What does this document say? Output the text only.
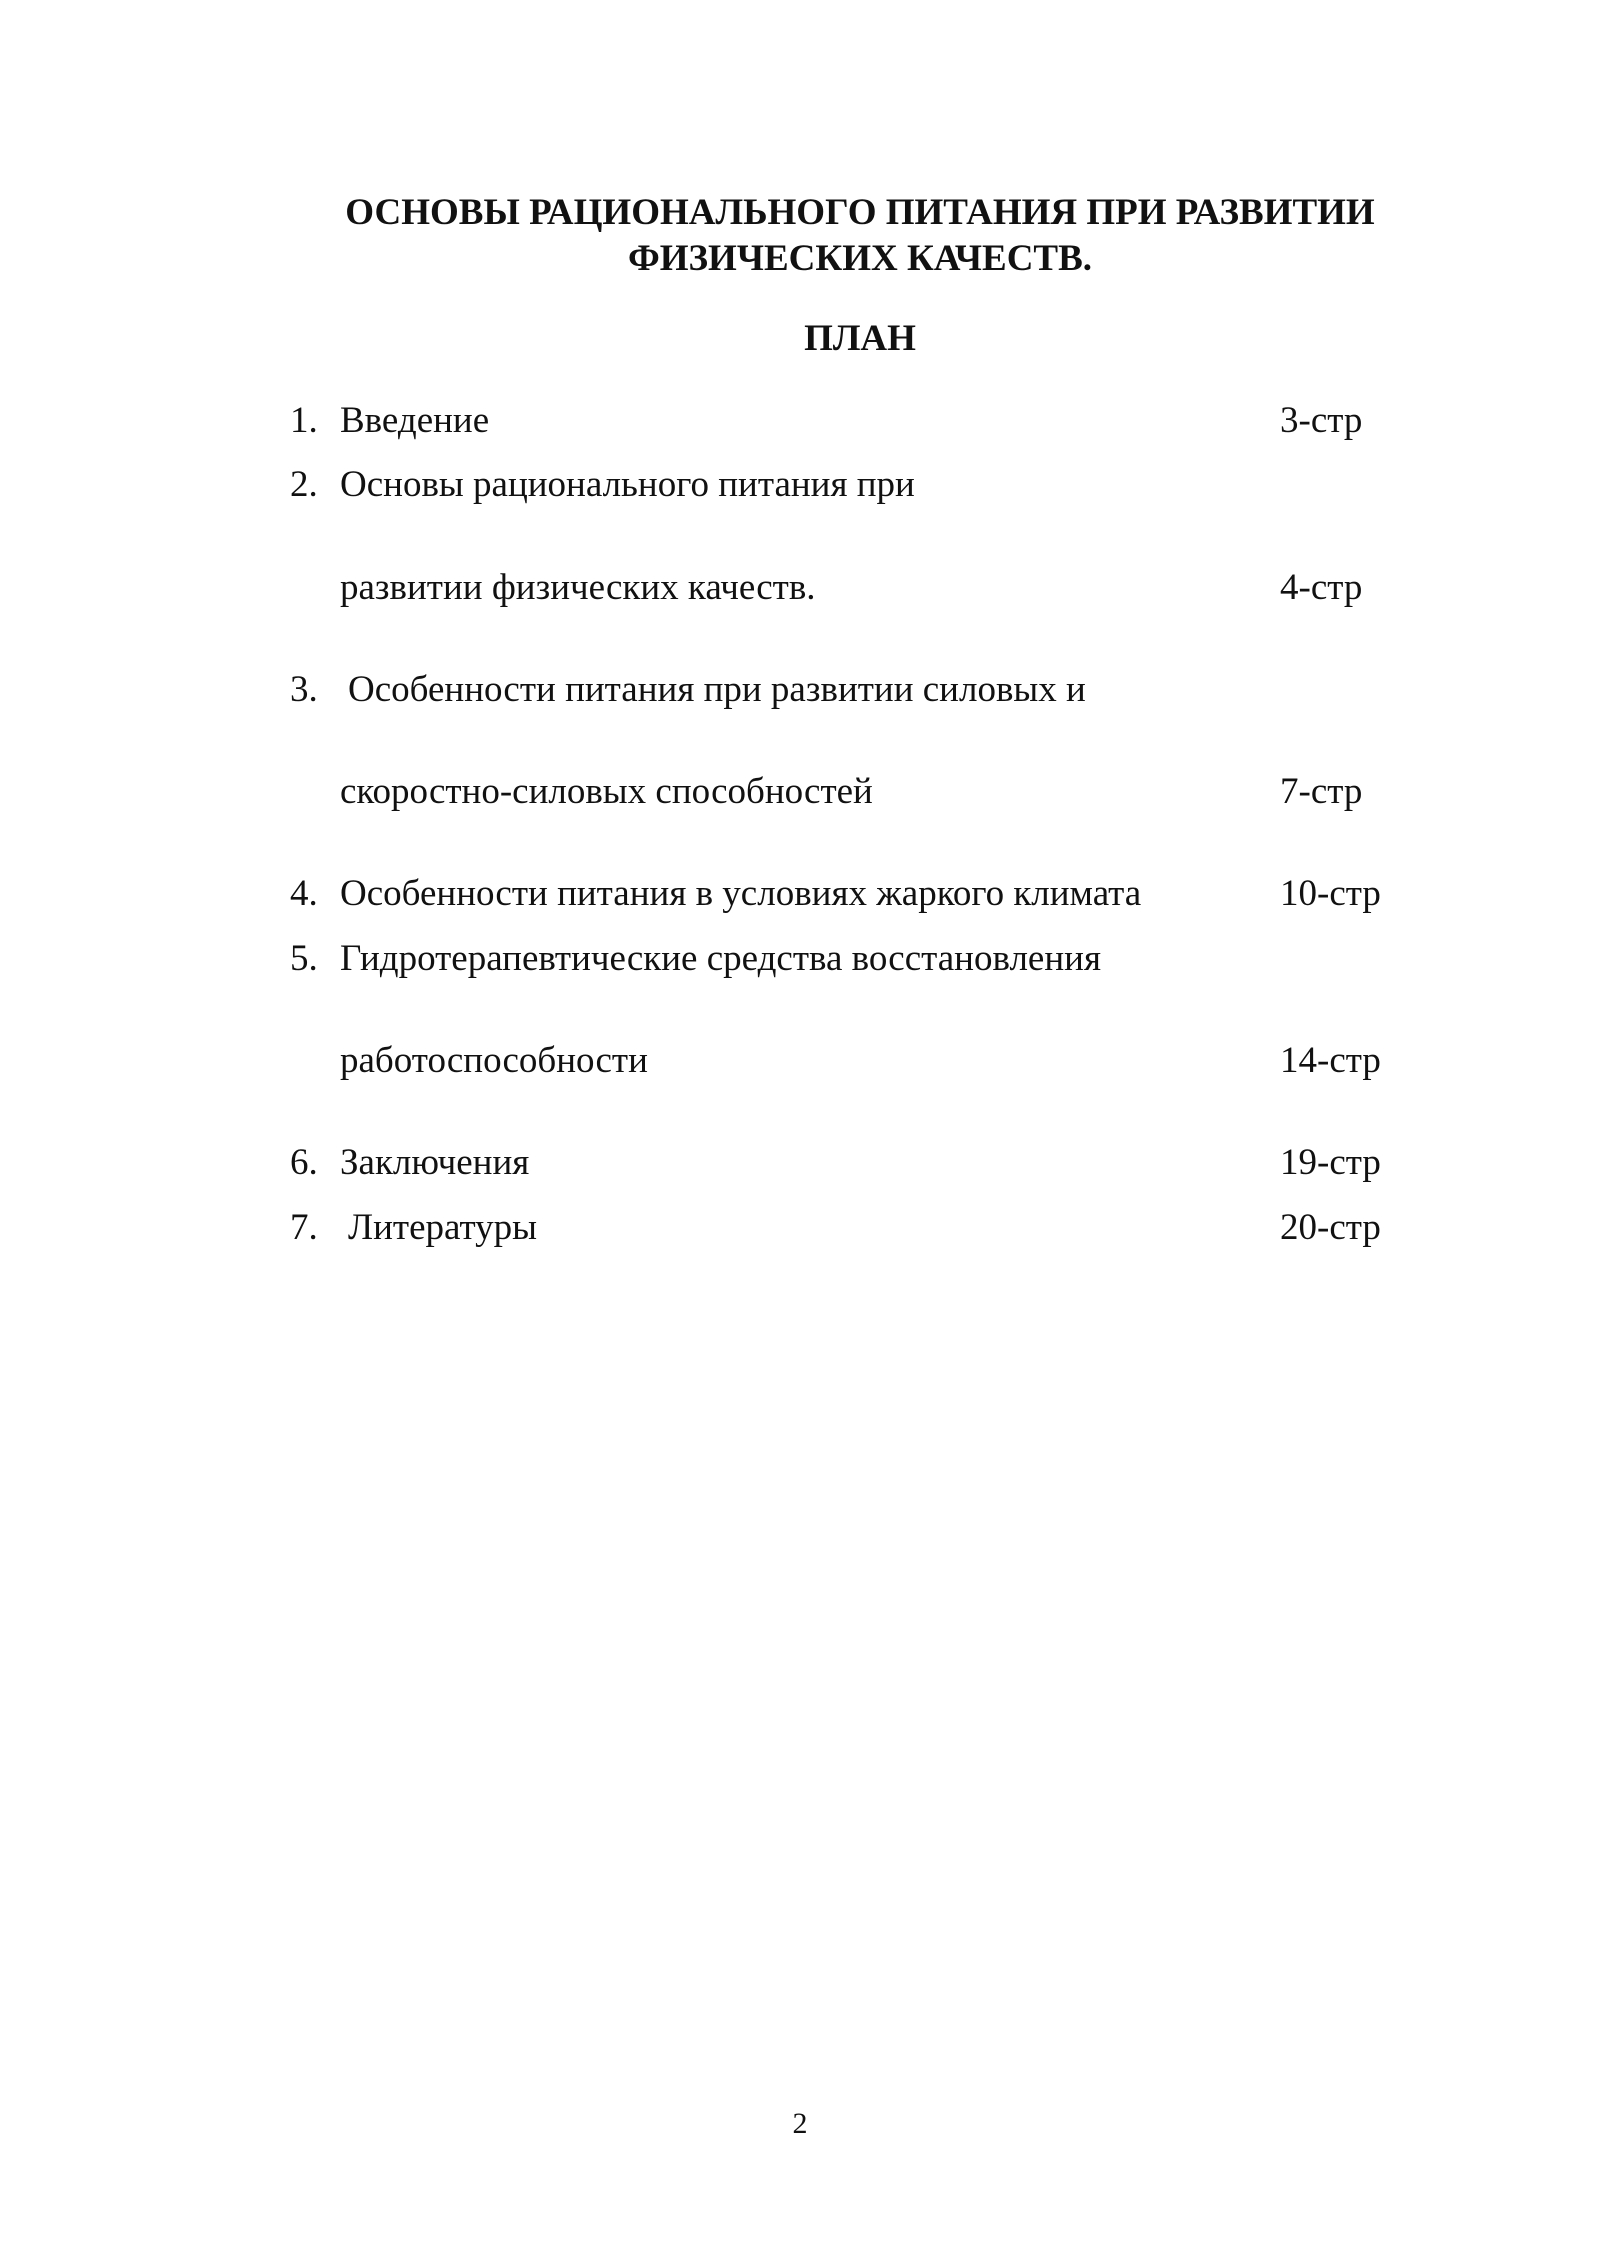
ОСНОВЫ РАЦИОНАЛЬНОГО ПИТАНИЯ ПРИ РАЗВИТИИ
ФИЗИЧЕСКИХ КАЧЕСТВ.
ПЛАН
1. Введение	3-стр
2. Основы рационального питания при
развитии физических качеств.	4-стр
3. Особенности питания при развитии силовых и
скоростно-силовых способностей	7-стр
4. Особенности питания в условиях жаркого климата	10-стр
5. Гидротерапевтические средства восстановления
работоспособности	14-стр
6. Заключения	19-стр
7. Литературы	20-стр
2
